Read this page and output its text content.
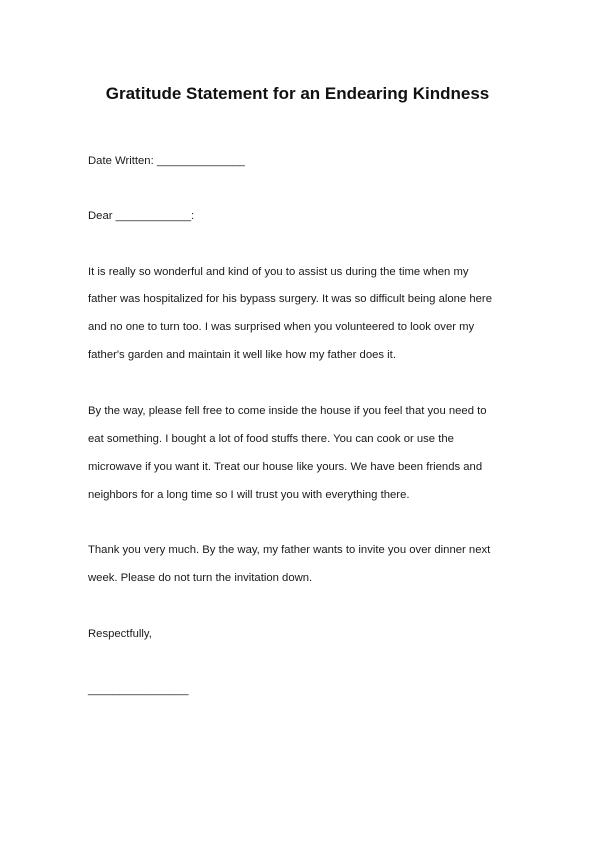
Gratitude Statement for an Endearing Kindness

Date Written: ______________

Dear ____________:

It is really so wonderful and kind of you to assist us during the time when my

father was hospitalized for his bypass surgery. It was so difficult being alone here

and no one to turn too. I was surprised when you volunteered to look over my

father's garden and maintain it well like how my father does it.

By the way, please fell free to come inside the house if you feel that you need to

eat something. I bought a lot of food stuffs there. You can cook or use the

microwave if you want it. Treat our house like yours. We have been friends and

neighbors for a long time so I will trust you with everything there.

Thank you very much. By the way, my father wants to invite you over dinner next

week. Please do not turn the invitation down.

Respectfully,

________________
